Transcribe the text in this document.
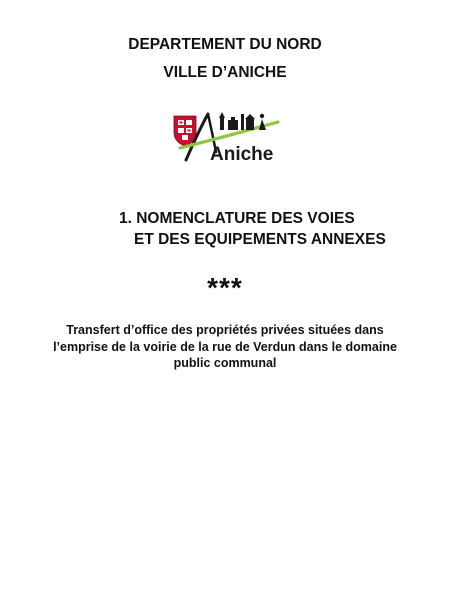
DEPARTEMENT DU NORD
VILLE D’ANICHE
Aniche
1. NOMENCLATURE DES VOIES
ET DES EQUIPEMENTS ANNEXES
***
Transfert d’office des propriétés privées situées dans
l’emprise de la voirie de la rue de Verdun dans le domaine
public communal
